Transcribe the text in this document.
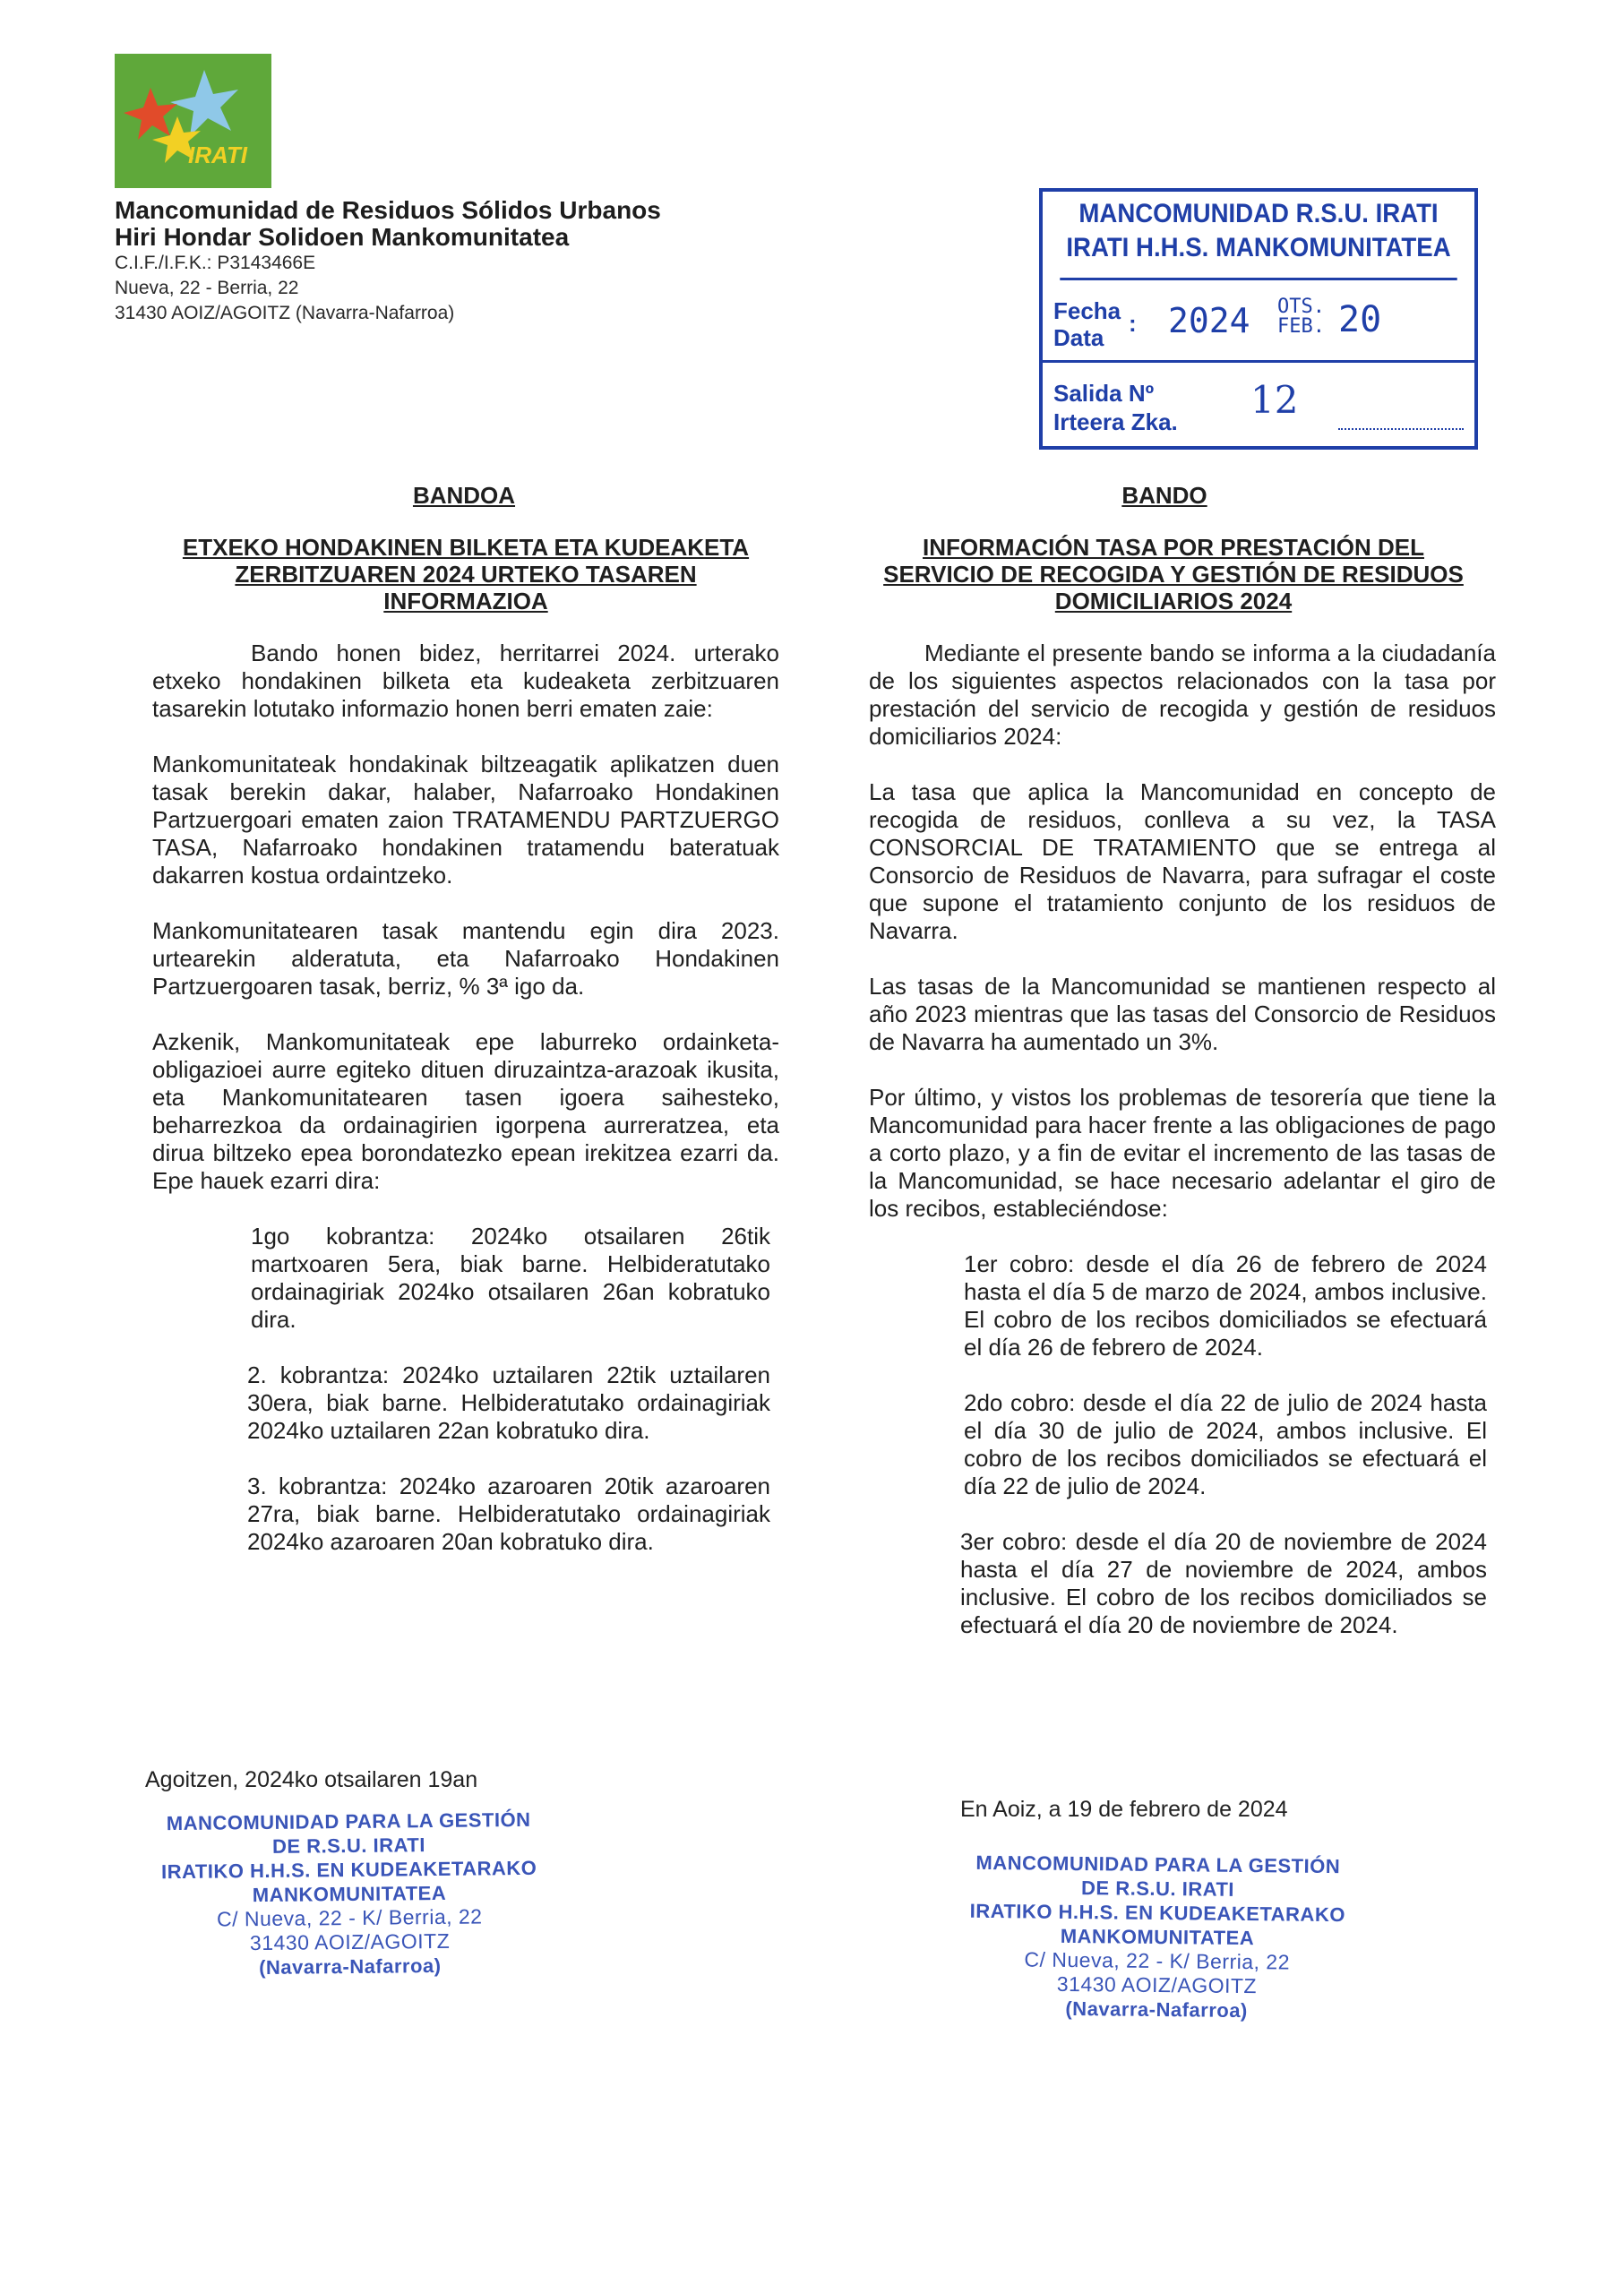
IRATI
Mancomunidad de Residuos Sólidos Urbanos
Hiri Hondar Solidoen Mankomunitatea
C.I.F./I.F.K.: P3143466E
Nueva, 22 - Berria, 22
31430 AOIZ/AGOITZ (Navarra-Nafarroa)
MANCOMUNIDAD R.S.U. IRATI
IRATI H.H.S. MANKOMUNITATEA
Fecha
Data
: 2024 OTS.
FEB. 20
Salida Nº
Irteera Zka. 12
BANDOA
ETXEKO HONDAKINEN BILKETA ETA KUDEAKETA ZERBITZUAREN 2024 URTEKO TASAREN INFORMAZIOA

Bando honen bidez, herritarrei 2024. urterako etxeko hondakinen bilketa eta kudeaketa zerbitzuaren tasarekin lotutako informazio honen berri ematen zaie:

Mankomunitateak hondakinak biltzeagatik aplikatzen duen tasak berekin dakar, halaber, Nafarroako Hondakinen Partzuergoari ematen zaion TRATAMENDU PARTZUERGO TASA, Nafarroako hondakinen tratamendu bateratuak dakarren kostua ordaintzeko.

Mankomunitatearen tasak mantendu egin dira 2023. urtearekin alderatuta, eta Nafarroako Hondakinen Partzuergoaren tasak, berriz, % 3ª igo da.

Azkenik, Mankomunitateak epe laburreko ordainketa-obligazioei aurre egiteko dituen diruzaintza-arazoak ikusita, eta Mankomunitatearen tasen igoera saihesteko, beharrezkoa da ordainagirien igorpena aurreratzea, eta dirua biltzeko epea borondatezko epean irekitzea ezarri da. Epe hauek ezarri dira:

1go kobrantza: 2024ko otsailaren 26tik martxoaren 5era, biak barne. Helbideratutako ordainagiriak 2024ko otsailaren 26an kobratuko dira.

2. kobrantza: 2024ko uztailaren 22tik uztailaren 30era, biak barne. Helbideratutako ordainagiriak 2024ko uztailaren 22an kobratuko dira.

3. kobrantza: 2024ko azaroaren 20tik azaroaren 27ra, biak barne. Helbideratutako ordainagiriak 2024ko azaroaren 20an kobratuko dira.

Agoitzen, 2024ko otsailaren 19an
MANCOMUNIDAD PARA LA GESTIÓN
DE R.S.U. IRATI
IRATIKO H.H.S. EN KUDEAKETARAKO
MANKOMUNITATEA
C/ Nueva, 22 - K/ Berria, 22
31430 AOIZ/AGOITZ
(Navarra-Nafarroa)
BANDO
INFORMACIÓN TASA POR PRESTACIÓN DEL SERVICIO DE RECOGIDA Y GESTIÓN DE RESIDUOS DOMICILIARIOS 2024

Mediante el presente bando se informa a la ciudadanía de los siguientes aspectos relacionados con la tasa por prestación del servicio de recogida y gestión de residuos domiciliarios 2024:

La tasa que aplica la Mancomunidad en concepto de recogida de residuos, conlleva a su vez, la TASA CONSORCIAL DE TRATAMIENTO que se entrega al Consorcio de Residuos de Navarra, para sufragar el coste que supone el tratamiento conjunto de los residuos de Navarra.

Las tasas de la Mancomunidad se mantienen respecto al año 2023 mientras que las tasas del Consorcio de Residuos de Navarra ha aumentado un 3%.

Por último, y vistos los problemas de tesorería que tiene la Mancomunidad para hacer frente a las obligaciones de pago a corto plazo, y a fin de evitar el incremento de las tasas de la Mancomunidad, se hace necesario adelantar el giro de los recibos, estableciéndose:

1er cobro: desde el día 26 de febrero de 2024 hasta el día 5 de marzo de 2024, ambos inclusive. El cobro de los recibos domiciliados se efectuará el día 26 de febrero de 2024.

2do cobro: desde el día 22 de julio de 2024 hasta el día 30 de julio de 2024, ambos inclusive. El cobro de los recibos domiciliados se efectuará el día 22 de julio de 2024.

3er cobro: desde el día 20 de noviembre de 2024 hasta el día 27 de noviembre de 2024, ambos inclusive. El cobro de los recibos domiciliados se efectuará el día 20 de noviembre de 2024.

En Aoiz, a 19 de febrero de 2024
MANCOMUNIDAD PARA LA GESTIÓN
DE R.S.U. IRATI
IRATIKO H.H.S. EN KUDEAKETARAKO
MANKOMUNITATEA
C/ Nueva, 22 - K/ Berria, 22
31430 AOIZ/AGOITZ
(Navarra-Nafarroa)
